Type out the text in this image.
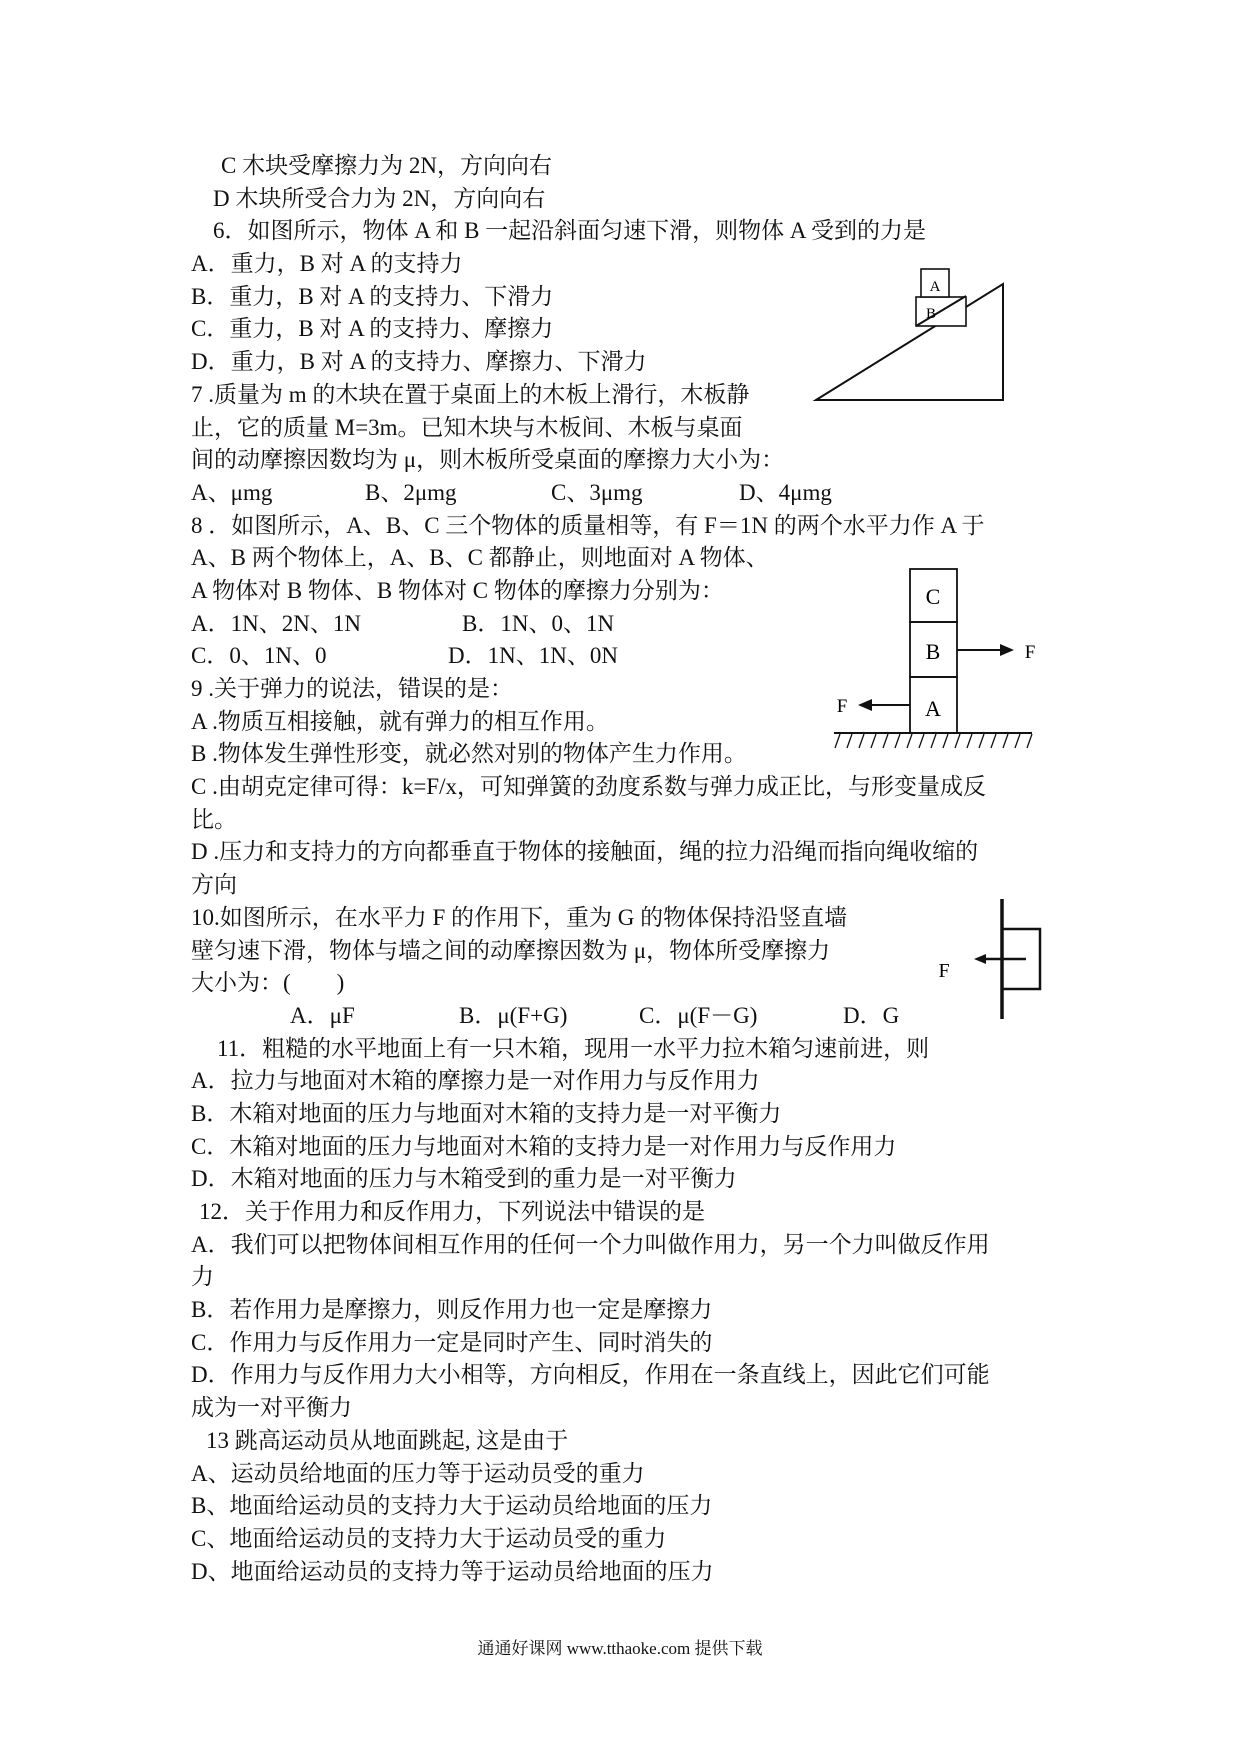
C 木块受摩擦力为 2N，方向向右
D 木块所受合力为 2N，方向向右
6．如图所示，物体 A 和 B 一起沿斜面匀速下滑，则物体 A 受到的力是
A．重力，B 对 A 的支持力
B．重力，B 对 A 的支持力、下滑力
C．重力，B 对 A 的支持力、摩擦力
D．重力，B 对 A 的支持力、摩擦力、下滑力
7 .质量为 m 的木块在置于桌面上的木板上滑行，木板静
止，它的质量 M=3m。已知木块与木板间、木板与桌面
间的动摩擦因数均为 μ，则木板所受桌面的摩擦力大小为：
A、μmg	B、2μmg	C、3μmg	D、4μmg
8 ．如图所示，A、B、C 三个物体的质量相等，有 F＝1N 的两个水平力作 A 于
A、B 两个物体上，A、B、C 都静止，则地面对 A 物体、
A 物体对 B 物体、B 物体对 C 物体的摩擦力分别为：
A．1N、2N、1N	B．1N、0、1N
C．0、1N、0	D．1N、1N、0N
9 .关于弹力的说法，错误的是：
A .物质互相接触，就有弹力的相互作用。
B .物体发生弹性形变，就必然对别的物体产生力作用。
C .由胡克定律可得：k=F/x，可知弹簧的劲度系数与弹力成正比，与形变量成反
比。
D .压力和支持力的方向都垂直于物体的接触面，绳的拉力沿绳而指向绳收缩的
方向
10.如图所示，在水平力 F 的作用下，重为 G 的物体保持沿竖直墙
壁匀速下滑，物体与墙之间的动摩擦因数为 μ，物体所受摩擦力
大小为：(　　)
A．μF	B．μ(F+G)	C．μ(F－G)	D．G
11．粗糙的水平地面上有一只木箱，现用一水平力拉木箱匀速前进，则
A．拉力与地面对木箱的摩擦力是一对作用力与反作用力
B．木箱对地面的压力与地面对木箱的支持力是一对平衡力
C．木箱对地面的压力与地面对木箱的支持力是一对作用力与反作用力
D．木箱对地面的压力与木箱受到的重力是一对平衡力
12．关于作用力和反作用力，下列说法中错误的是
A．我们可以把物体间相互作用的任何一个力叫做作用力，另一个力叫做反作用
力
B．若作用力是摩擦力，则反作用力也一定是摩擦力
C．作用力与反作用力一定是同时产生、同时消失的
D．作用力与反作用力大小相等，方向相反，作用在一条直线上，因此它们可能
成为一对平衡力
13 跳高运动员从地面跳起, 这是由于
A、运动员给地面的压力等于运动员受的重力
B、地面给运动员的支持力大于运动员给地面的压力
C、地面给运动员的支持力大于运动员受的重力
D、地面给运动员的支持力等于运动员给地面的压力
A
B
C
B
A
F
F
F
通通好课网 www.tthaoke.com 提供下载
